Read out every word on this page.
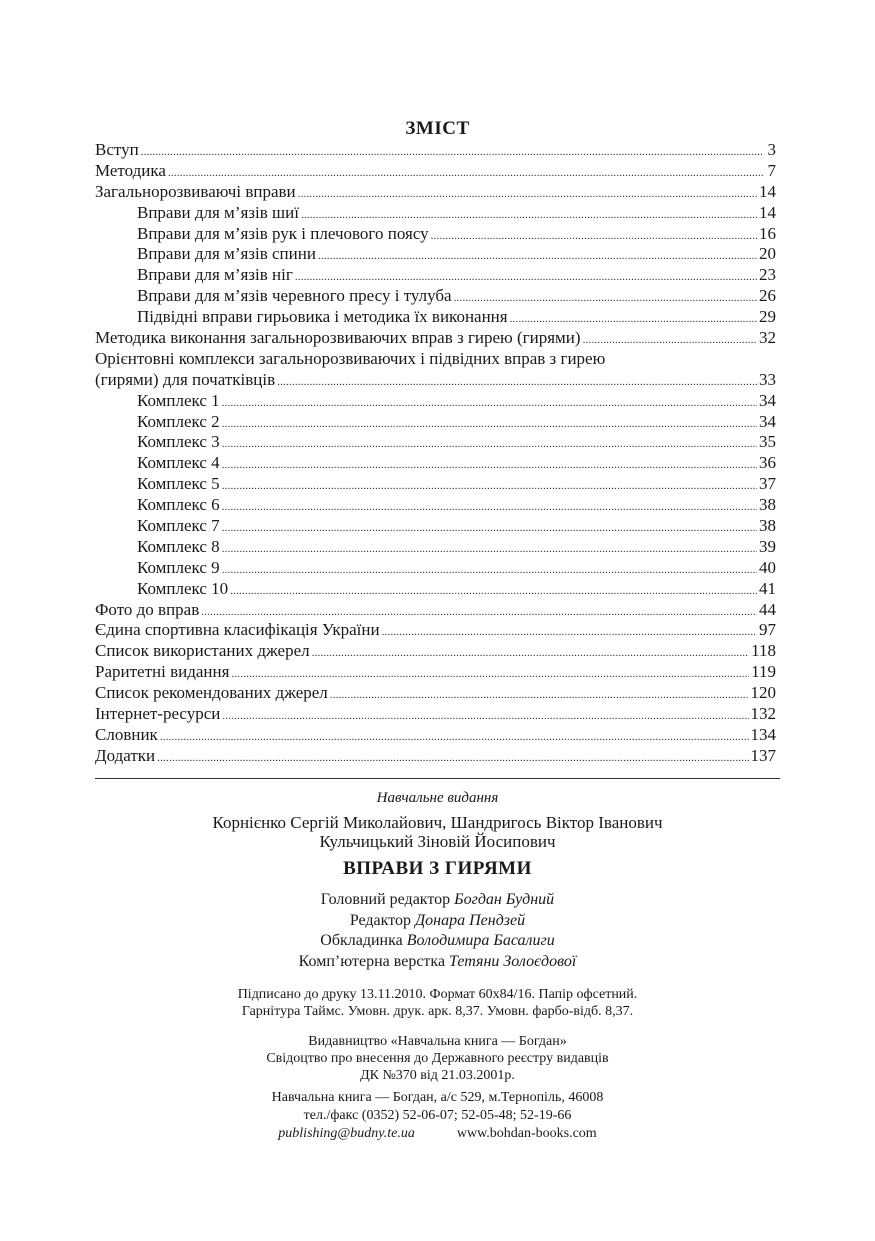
ЗМІСТ
Вступ .....	3
Методика .....	7
Загальнорозвиваючі вправи .....	14
Вправи для м’язів шиї .....	14
Вправи для м’язів рук і плечового поясу .....	16
Вправи для м’язів спини .....	20
Вправи для м’язів ніг .....	23
Вправи для м’язів черевного пресу і тулуба .....	26
Підвідні вправи гирьовика і методика їх виконання .....	29
Методика виконання загальнорозвиваючих вправ з гирею (гирями) .....	32
Орієнтовні комплекси загальнорозвиваючих і підвідних вправ з гирею
(гирями) для початківців .....	33
Комплекс 1 .....	34
Комплекс 2 .....	34
Комплекс 3 .....	35
Комплекс 4 .....	36
Комплекс 5 .....	37
Комплекс 6 .....	38
Комплекс 7 .....	38
Комплекс 8 .....	39
Комплекс 9 .....	40
Комплекс 10 .....	41
Фото до вправ .....	44
Єдина спортивна класифікація України .....	97
Список використаних джерел .....	118
Раритетні видання .....	119
Список рекомендованих джерел .....	120
Інтернет-ресурси .....	132
Словник .....	134
Додатки .....	137
Навчальне видання
Корнієнко Сергій Миколайович, Шандригось Віктор Іванович
Кульчицький Зіновій Йосипович
ВПРАВИ З ГИРЯМИ
Головний редактор Богдан Будний
Редактор Донара Пендзей
Обкладинка Володимира Басалиги
Комп’ютерна верстка Тетяни Золоєдової
Підписано до друку 13.11.2010. Формат 60х84/16. Папір офсетний.
Гарнітура Таймс. Умовн. друк. арк. 8,37. Умовн. фарбо-відб. 8,37.
Видавництво «Навчальна книга — Богдан»
Свідоцтво про внесення до Державного реєстру видавців
ДК №370 від 21.03.2001р.
Навчальна книга — Богдан, а/с 529, м.Тернопіль, 46008
тел./факс (0352) 52-06-07; 52-05-48; 52-19-66
publishing@budny.te.ua	www.bohdan-books.com
